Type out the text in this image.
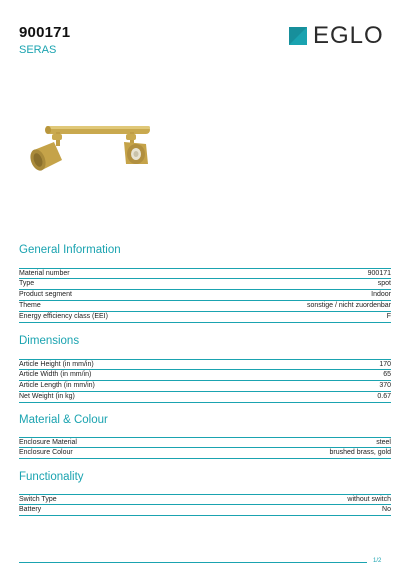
900171
SERAS
EGLO
General Information
Material number	900171
Type	spot
Product segment	Indoor
Theme	sonstige / nicht zuordenbar
Energy efficiency class (EEI)	F
Dimensions
Article Height (in mm/in)	170
Article Width (in mm/in)	65
Article Length (in mm/in)	370
Net Weight (in kg)	0.67
Material & Colour
Enclosure Material	steel
Enclosure Colour	brushed brass, gold
Functionality
Switch Type	without switch
Battery	No
1/2
